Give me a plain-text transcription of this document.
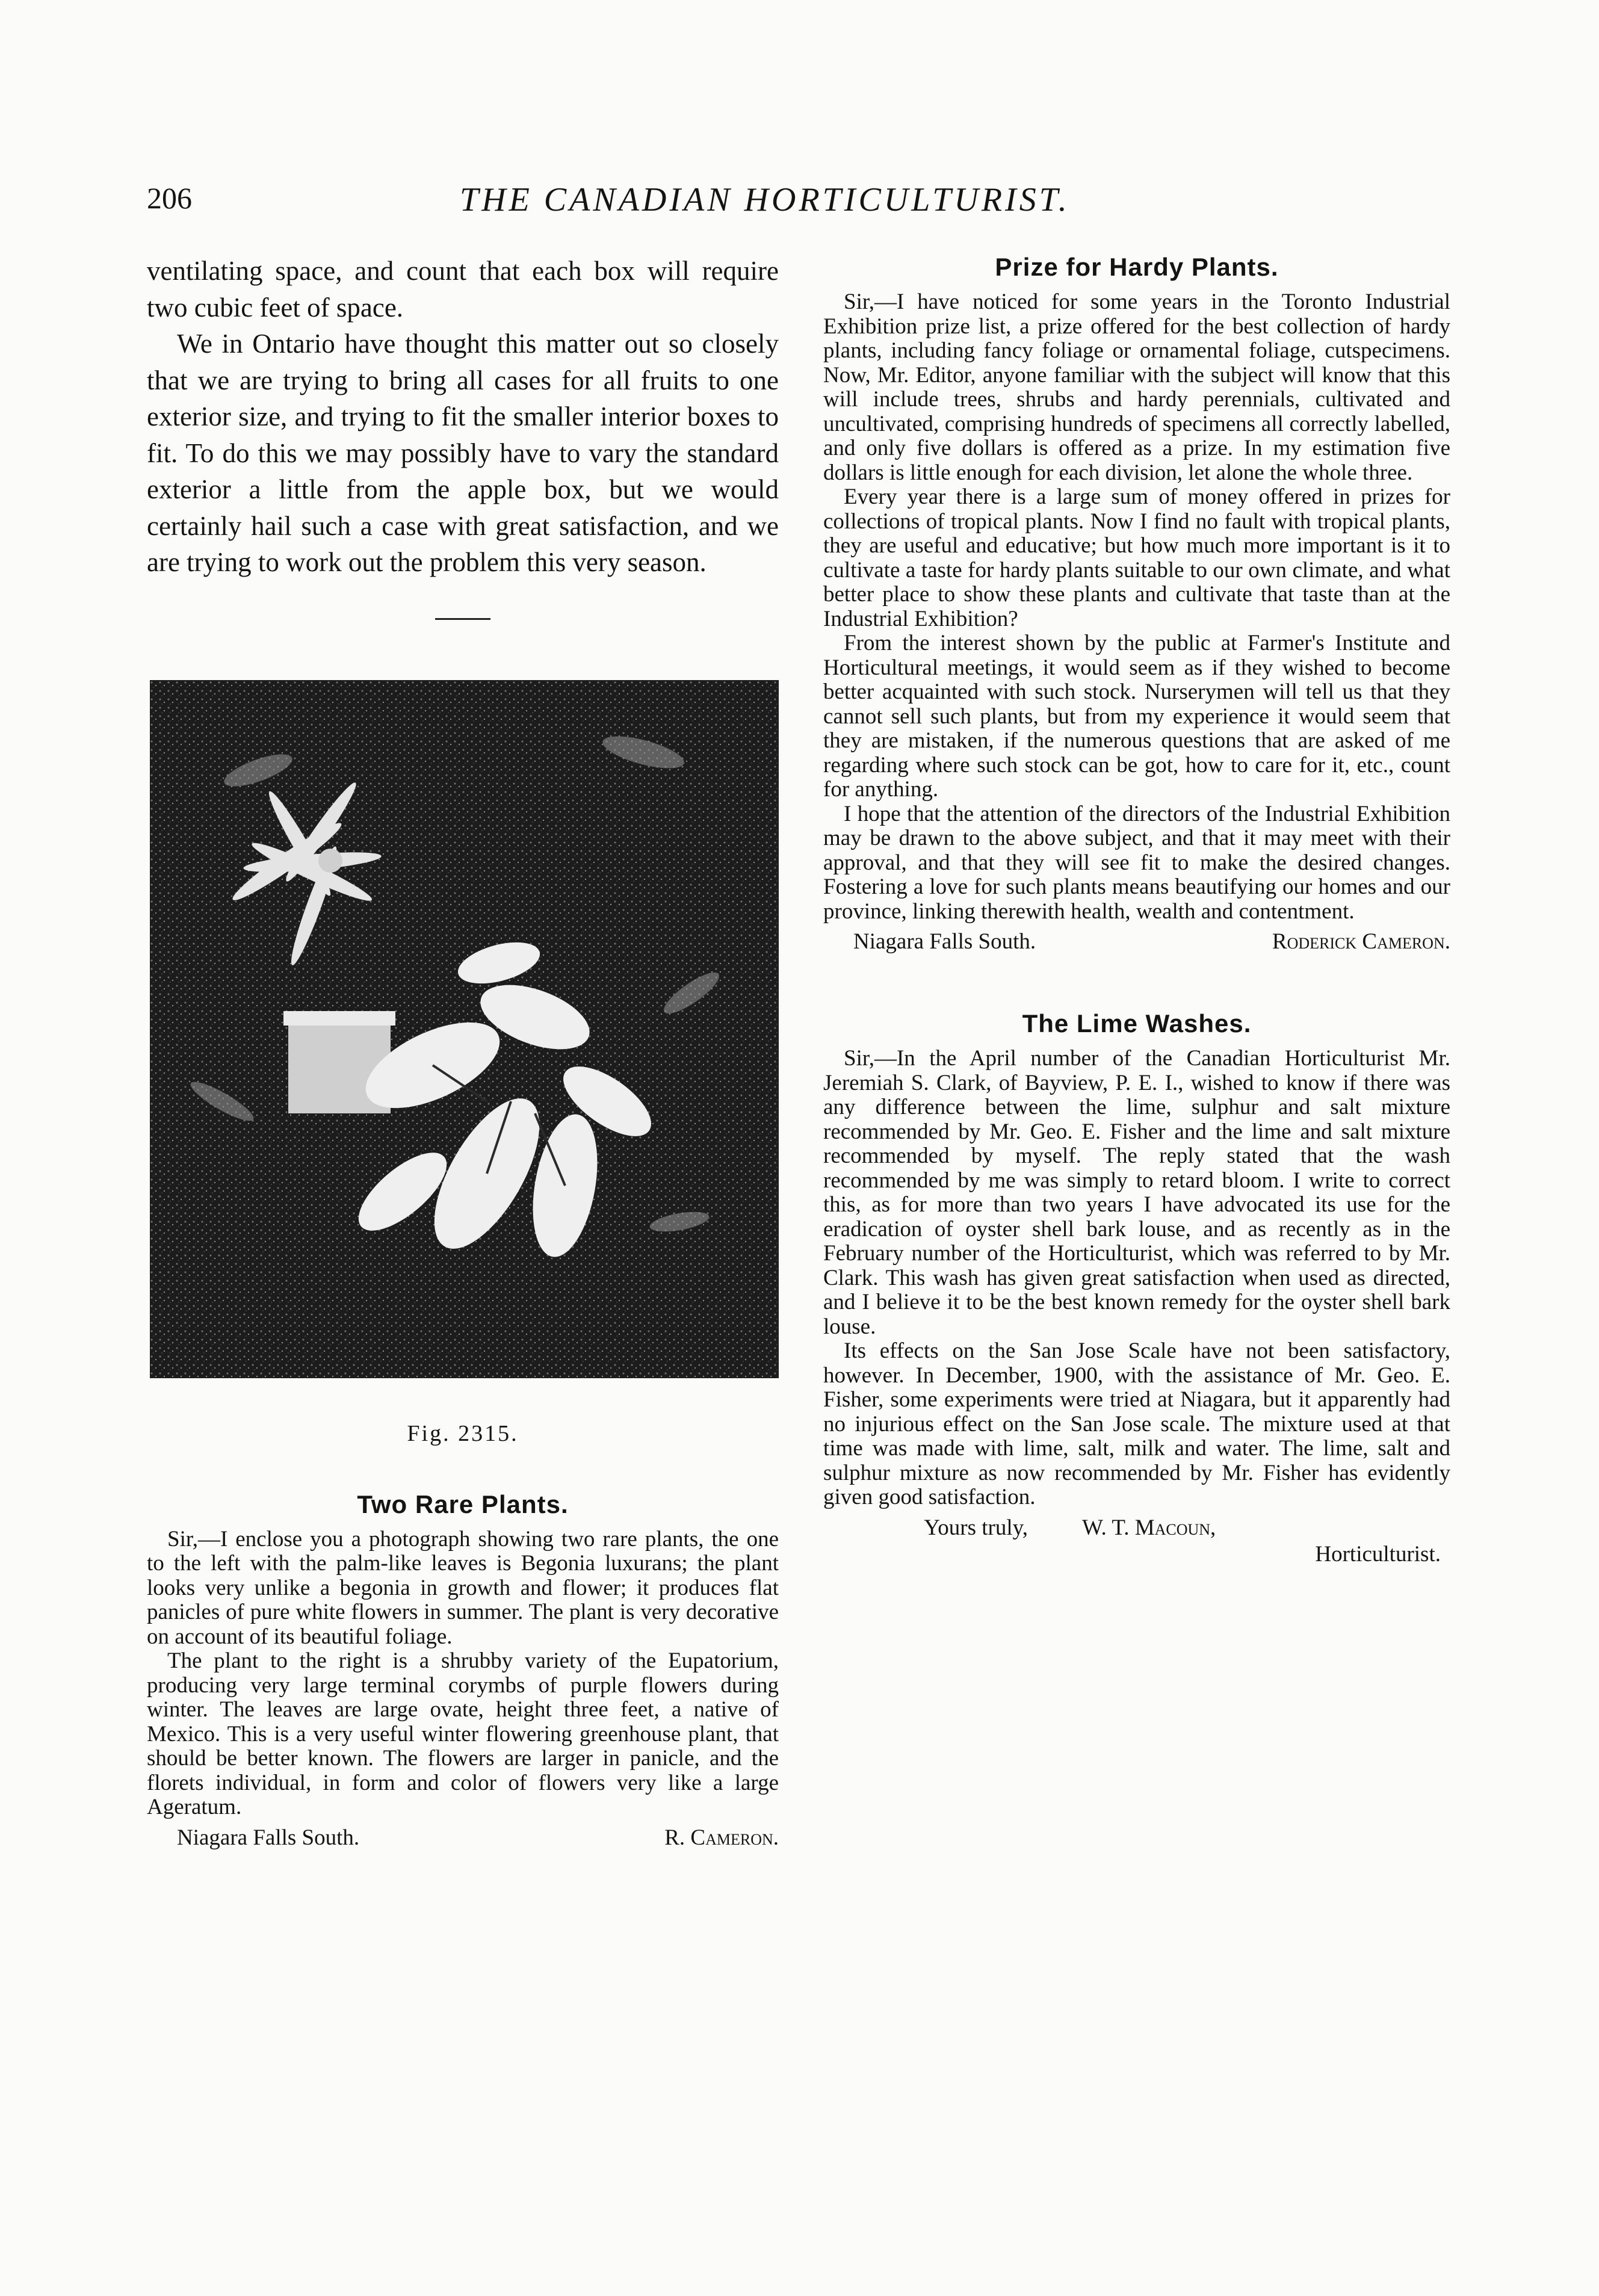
206	THE CANADIAN HORTICULTURIST.

ventilating space, and count that each box will require two cubic feet of space.

We in Ontario have thought this matter out so closely that we are trying to bring all cases for all fruits to one exterior size, and trying to fit the smaller interior boxes to fit. To do this we may possibly have to vary the standard exterior a little from the apple box, but we would certainly hail such a case with great satisfaction, and we are trying to work out the problem this very season.

Fig. 2315.
Two Rare Plants.

Sir,—I enclose you a photograph showing two rare plants, the one to the left with the palm-like leaves is Begonia luxurans; the plant looks very unlike a begonia in growth and flower; it produces flat panicles of pure white flowers in summer. The plant is very decorative on account of its beautiful foliage.

The plant to the right is a shrubby variety of the Eupatorium, producing very large terminal corymbs of purple flowers during winter. The leaves are large ovate, height three feet, a native of Mexico. This is a very useful winter flowering greenhouse plant, that should be better known. The flowers are larger in panicle, and the florets individual, in form and color of flowers very like a large Ageratum.

Niagara Falls South.	R. Cameron.
Prize for Hardy Plants.

Sir,—I have noticed for some years in the Toronto Industrial Exhibition prize list, a prize offered for the best collection of hardy plants, including fancy foliage or ornamental foliage, cutspecimens. Now, Mr. Editor, anyone familiar with the subject will know that this will include trees, shrubs and hardy perennials, cultivated and uncultivated, comprising hundreds of specimens all correctly labelled, and only five dollars is offered as a prize. In my estimation five dollars is little enough for each division, let alone the whole three.

Every year there is a large sum of money offered in prizes for collections of tropical plants. Now I find no fault with tropical plants, they are useful and educative; but how much more important is it to cultivate a taste for hardy plants suitable to our own climate, and what better place to show these plants and cultivate that taste than at the Industrial Exhibition?

From the interest shown by the public at Farmer's Institute and Horticultural meetings, it would seem as if they wished to become better acquainted with such stock. Nurserymen will tell us that they cannot sell such plants, but from my experience it would seem that they are mistaken, if the numerous questions that are asked of me regarding where such stock can be got, how to care for it, etc., count for anything.

I hope that the attention of the directors of the Industrial Exhibition may be drawn to the above subject, and that it may meet with their approval, and that they will see fit to make the desired changes. Fostering a love for such plants means beautifying our homes and our province, linking therewith health, wealth and contentment.

Niagara Falls South.	Roderick Cameron.
The Lime Washes.

Sir,—In the April number of the Canadian Horticulturist Mr. Jeremiah S. Clark, of Bayview, P. E. I., wished to know if there was any difference between the lime, sulphur and salt mixture recommended by Mr. Geo. E. Fisher and the lime and salt mixture recommended by myself. The reply stated that the wash recommended by me was simply to retard bloom. I write to correct this, as for more than two years I have advocated its use for the eradication of oyster shell bark louse, and as recently as in the February number of the Horticulturist, which was referred to by Mr. Clark. This wash has given great satisfaction when used as directed, and I believe it to be the best known remedy for the oyster shell bark louse.

Its effects on the San Jose Scale have not been satisfactory, however. In December, 1900, with the assistance of Mr. Geo. E. Fisher, some experiments were tried at Niagara, but it apparently had no injurious effect on the San Jose scale. The mixture used at that time was made with lime, salt, milk and water. The lime, salt and sulphur mixture as now recommended by Mr. Fisher has evidently given good satisfaction.

Yours truly,	W. T. Macoun,
Horticulturist.
